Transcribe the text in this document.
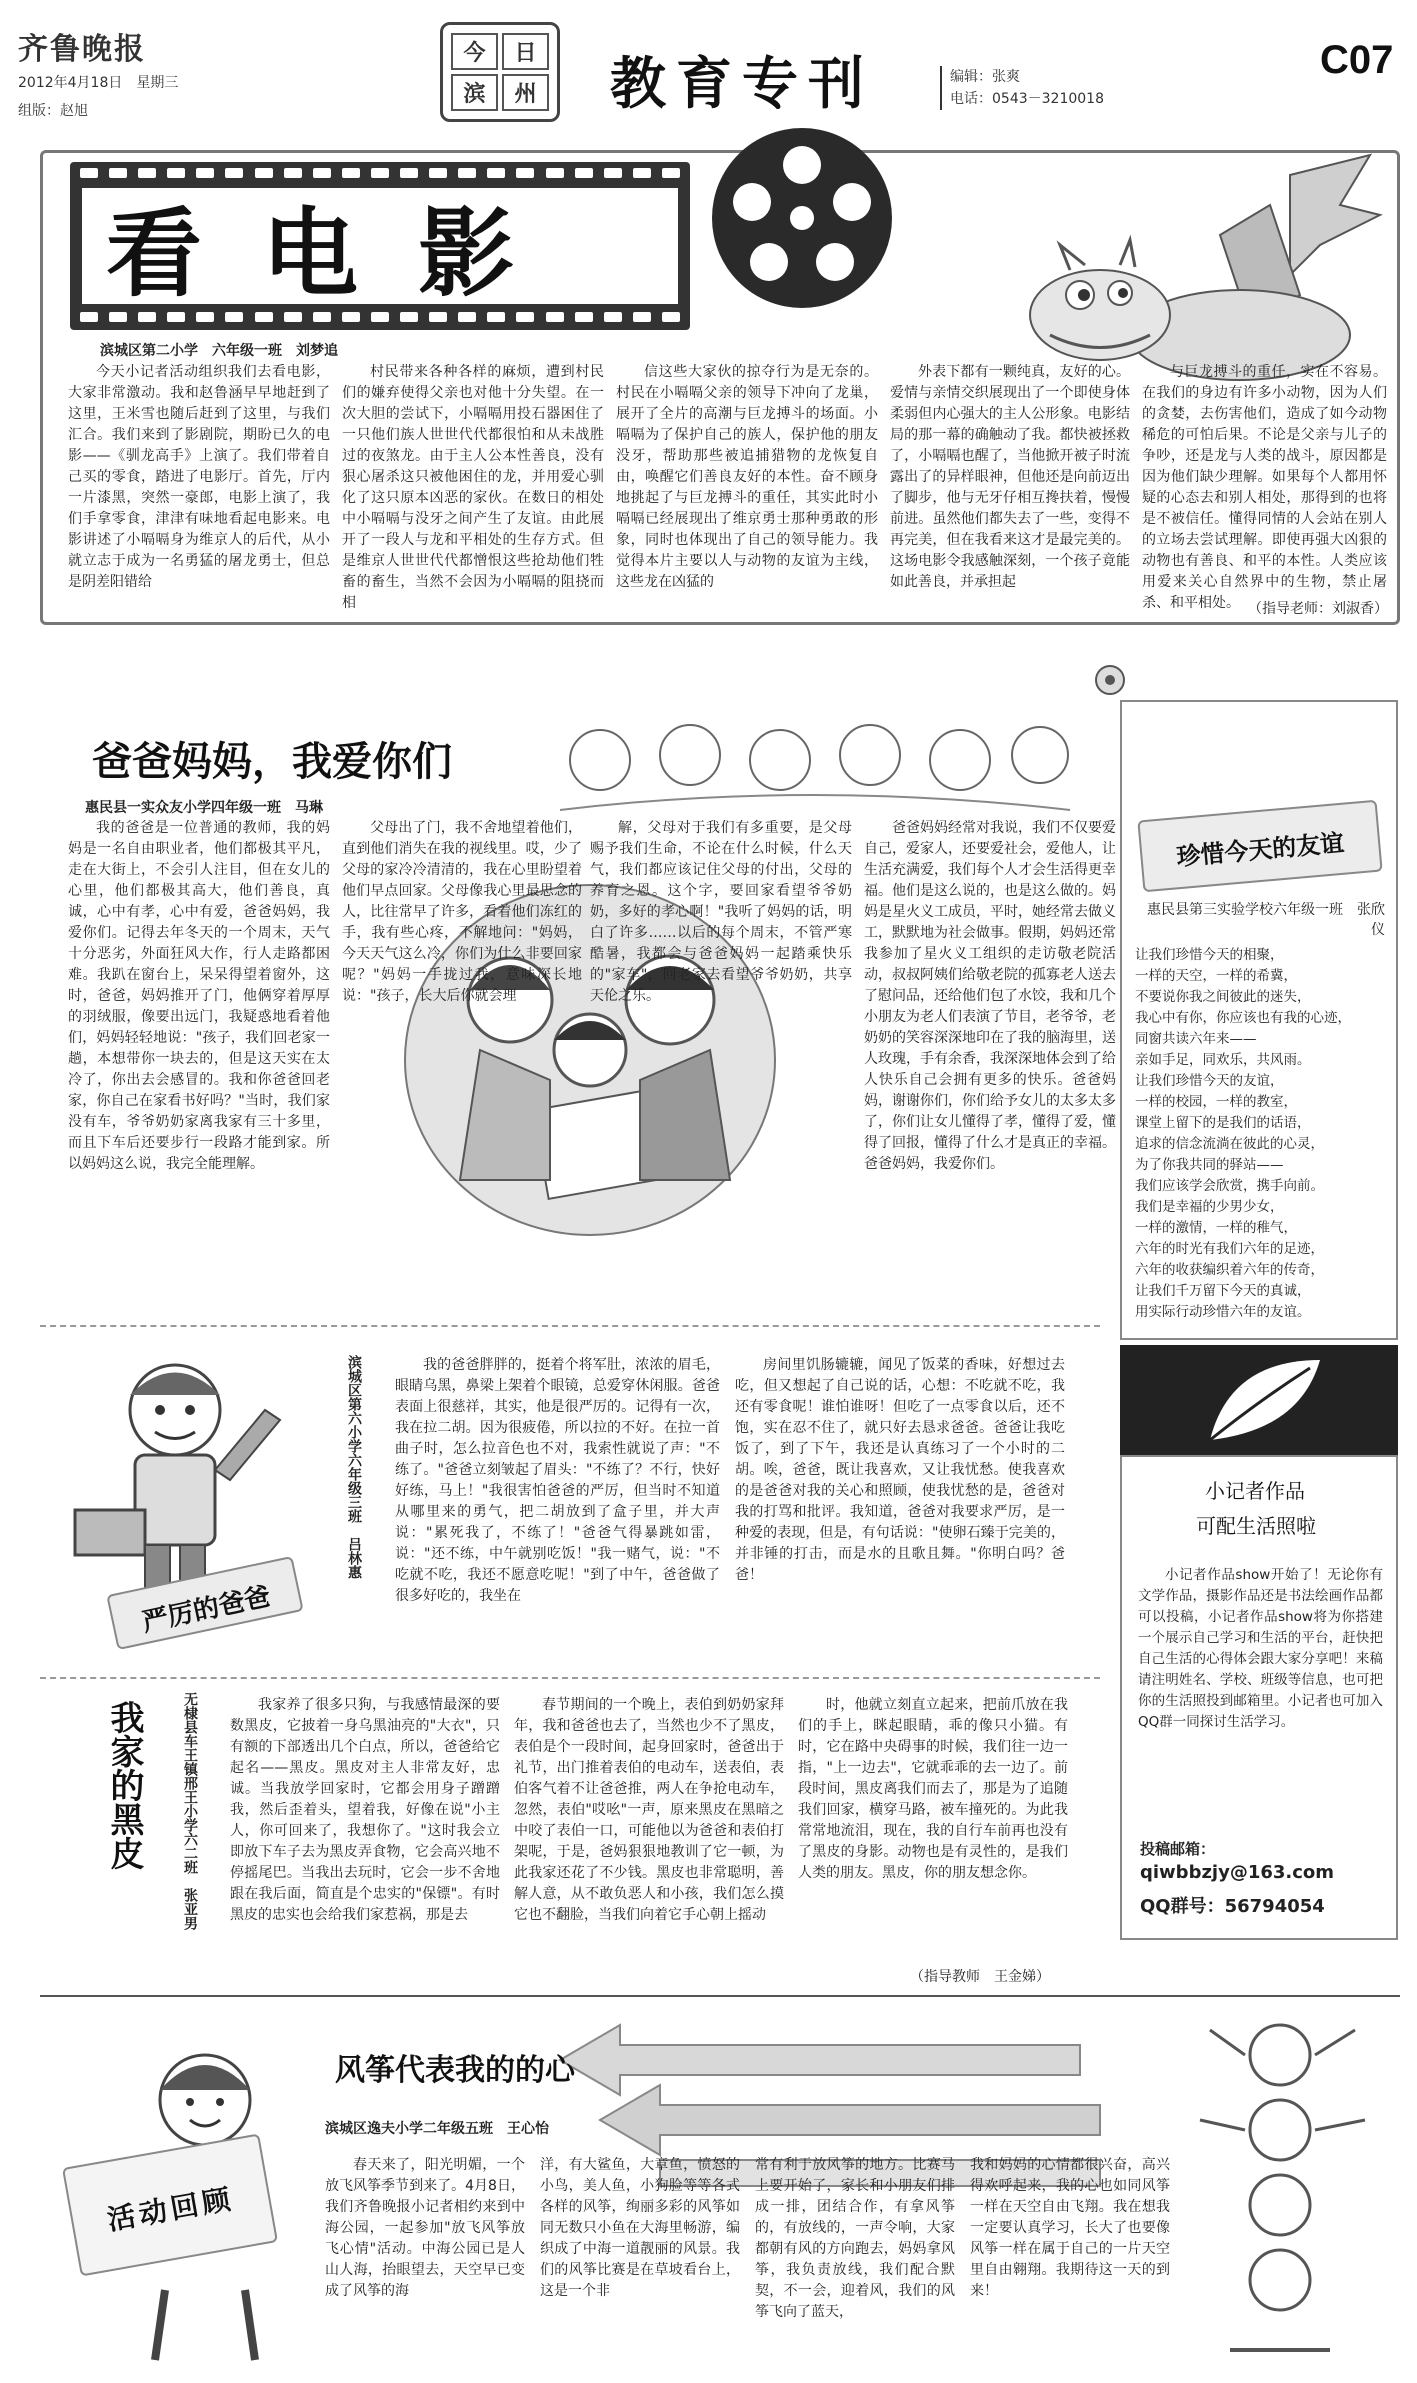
齐鲁晚报
2012年4月18日　星期三
组版：赵旭
今	日
滨	州 教育专刊	编辑：张爽
电话：0543－3210018
C07
看电影
滨城区第二小学　六年级一班　刘梦追

今天小记者活动组织我们去看电影，大家非常激动。我和赵鲁涵早早地赶到了这里，王米雪也随后赶到了这里，与我们汇合。我们来到了影剧院，期盼已久的电影——《驯龙高手》上演了。我们带着自己买的零食，踏进了电影厅。首先，厅内一片漆黑，突然一豪郎，电影上演了，我们手拿零食，津津有味地看起电影来。电影讲述了小嗝嗝身为维京人的后代，从小就立志于成为一名勇猛的屠龙勇士，但总是阴差阳错给

村民带来各种各样的麻烦，遭到村民们的嫌弃使得父亲也对他十分失望。在一次大胆的尝试下，小嗝嗝用投石器困住了一只他们族人世世代代都很怕和从未战胜过的夜煞龙。由于主人公本性善良，没有狠心屠杀这只被他困住的龙，并用爱心驯化了这只原本凶恶的家伙。在数日的相处中小嗝嗝与没牙之间产生了友谊。由此展开了一段人与龙和平相处的生存方式。但是维京人世世代代都憎恨这些抢劫他们牲畜的畜生，当然不会因为小嗝嗝的阻挠而相

信这些大家伙的掠夺行为是无奈的。村民在小嗝嗝父亲的领导下冲向了龙巢，展开了全片的高潮与巨龙搏斗的场面。小嗝嗝为了保护自己的族人，保护他的朋友没牙，帮助那些被追捕猎物的龙恢复自由，唤醒它们善良友好的本性。奋不顾身地挑起了与巨龙搏斗的重任，其实此时小嗝嗝已经展现出了维京勇士那种勇敢的形象，同时也体现出了自己的领导能力。我觉得本片主要以人与动物的友谊为主线，这些龙在凶猛的

外表下都有一颗纯真，友好的心。爱情与亲情交织展现出了一个即使身体柔弱但内心强大的主人公形象。电影结局的那一幕的确触动了我。都快被拯救了，小嗝嗝也醒了，当他掀开被子时流露出了的异样眼神，但他还是向前迈出了脚步，他与无牙仔相互搀扶着，慢慢前进。虽然他们都失去了一些，变得不再完美，但在我看来这才是最完美的。这场电影令我感触深刻，一个孩子竟能如此善良，并承担起

与巨龙搏斗的重任，实在不容易。在我们的身边有许多小动物，因为人们的贪婪，去伤害他们，造成了如今动物稀危的可怕后果。不论是父亲与儿子的争吵，还是龙与人类的战斗，原因都是因为他们缺少理解。如果每个人都用怀疑的心态去和别人相处，那得到的也将是不被信任。懂得同情的人会站在别人的立场去尝试理解。即使再强大凶狠的动物也有善良、和平的本性。人类应该用爱来关心自然界中的生物，禁止屠杀、和平相处。 （指导老师：刘淑香）
爸爸妈妈，我爱你们
惠民县一实众友小学四年级一班　马琳

我的爸爸是一位普通的教师，我的妈妈是一名自由职业者，他们都极其平凡，走在大街上，不会引人注目，但在女儿的心里，他们都极其高大，他们善良，真诚，心中有孝，心中有爱，爸爸妈妈，我爱你们。记得去年冬天的一个周末，天气十分恶劣，外面狂风大作，行人走路都困难。我趴在窗台上，呆呆得望着窗外，这时，爸爸，妈妈推开了门，他俩穿着厚厚的羽绒服，像要出远门，我疑惑地看着他们，妈妈轻轻地说："孩子，我们回老家一趟，本想带你一块去的，但是这天实在太冷了，你出去会感冒的。我和你爸爸回老家，你自己在家看书好吗？"当时，我们家没有车，爷爷奶奶家离我家有三十多里，而且下车后还要步行一段路才能到家。所以妈妈这么说，我完全能理解。

父母出了门，我不舍地望着他们，直到他们消失在我的视线里。哎，少了父母的家冷冷清清的，我在心里盼望着他们早点回家。父母像我心里最思念的人，比往常早了许多，看着他们冻红的手，我有些心疼，不解地问："妈妈，今天天气这么冷，你们为什么非要回家呢？"妈妈一手拢过我，意味深长地说："孩子，长大后你就会理

解，父母对于我们有多重要，是父母赐予我们生命，不论在什么时候，什么天气，我们都应该记住父母的付出，父母的养育之恩。这个字，要回家看望爷爷奶奶，多好的孝心啊！"我听了妈妈的话，明白了许多……以后的每个周末，不管严寒酷暑，我都会与爸爸妈妈一起踏乘快乐的"家车"，回老家去看望爷爷奶奶，共享天伦之乐。

爸爸妈妈经常对我说，我们不仅要爱自己，爱家人，还要爱社会，爱他人，让生活充满爱，我们每个人才会生活得更幸福。他们是这么说的，也是这么做的。妈妈是星火义工成员，平时，她经常去做义工，默默地为社会做事。假期，妈妈还常我参加了星火义工组织的走访敬老院活动，叔叔阿姨们给敬老院的孤寡老人送去了慰问品，还给他们包了水饺，我和几个小朋友为老人们表演了节目，老爷爷，老奶奶的笑容深深地印在了我的脑海里，送人玫瑰，手有余香，我深深地体会到了给人快乐自己会拥有更多的快乐。爸爸妈妈，谢谢你们，你们给予女儿的太多太多了，你们让女儿懂得了孝，懂得了爱，懂得了回报，懂得了什么才是真正的幸福。爸爸妈妈，我爱你们。

珍惜今天的友谊
惠民县第三实验学校六年级一班　张欣仪
让我们珍惜今天的相聚，
一样的天空，一样的希冀，
不要说你我之间彼此的迷失，
我心中有你，你应该也有我的心迹，
同窗共读六年来——
亲如手足，同欢乐，共风雨。
让我们珍惜今天的友谊，
一样的校园，一样的教室，
课堂上留下的是我们的话语，
追求的信念流淌在彼此的心灵，
为了你我共同的驿站——
我们应该学会欣赏，携手向前。
我们是幸福的少男少女，
一样的激情，一样的稚气，
六年的时光有我们六年的足迹，
六年的收获编织着六年的传奇，
让我们千万留下今天的真诚，
用实际行动珍惜六年的友谊。
严厉的爸爸
滨城区第六小学六年级三班　吕林惠	我的爸爸胖胖的，挺着个将军肚，浓浓的眉毛，眼睛乌黑，鼻梁上架着个眼镜，总爱穿休闲服。爸爸表面上很慈祥，其实，他是很严厉的。记得有一次，我在拉二胡。因为很疲倦，所以拉的不好。在拉一首曲子时，怎么拉音色也不对，我索性就说了声："不练了。"爸爸立刻皱起了眉头："不练了？不行，快好好练，马上！"我很害怕爸爸的严厉，但当时不知道从哪里来的勇气，把二胡放到了盒子里，并大声说："累死我了，不练了！"爸爸气得暴跳如雷，说："还不练，中午就别吃饭！"我一赌气，说："不吃就不吃，我还不愿意吃呢！"到了中午，爸爸做了很多好吃的，我坐在

房间里饥肠辘辘，闻见了饭菜的香味，好想过去吃，但又想起了自己说的话，心想：不吃就不吃，我还有零食呢！谁怕谁呀！但吃了一点零食以后，还不饱，实在忍不住了，就只好去恳求爸爸。爸爸让我吃饭了，到了下午，我还是认真练习了一个小时的二胡。唉，爸爸，既让我喜欢，又让我忧愁。使我喜欢的是爸爸对我的关心和照顾，使我忧愁的是，爸爸对我的打骂和批评。我知道，爸爸对我要求严厉，是一种爱的表现，但是，有句话说："使卵石臻于完美的，并非锤的打击，而是水的且歌且舞。"你明白吗？爸爸！

小记者作品
可配生活照啦

小记者作品show开始了！无论你有文学作品，摄影作品还是书法绘画作品都可以投稿，小记者作品show将为你搭建一个展示自己学习和生活的平台，赶快把自己生活的心得体会跟大家分享吧！来稿请注明姓名、学校、班级等信息，也可把你的生活照投到邮箱里。小记者也可加入QQ群一同探讨生活学习。

投稿邮箱：
qiwbbzjy@163.com
QQ群号：56794054
我家的黑皮	无棣县车王镇邢王小学六二班　张亚男	我家养了很多只狗，与我感情最深的要数黑皮，它披着一身乌黑油亮的"大衣"，只有额的下部透出几个白点，所以，爸爸给它起名——黑皮。黑皮对主人非常友好，忠诚。当我放学回家时，它都会用身子蹭蹭我，然后歪着头，望着我，好像在说"小主人，你可回来了，我想你了。"这时我会立即放下车子去为黑皮弄食物，它会高兴地不停摇尾巴。当我出去玩时，它会一步不舍地跟在我后面，简直是个忠实的"保镖"。有时黑皮的忠实也会给我们家惹祸，那是去

春节期间的一个晚上，表伯到奶奶家拜年，我和爸爸也去了，当然也少不了黑皮，表伯是个一段时间，起身回家时，爸爸出于礼节，出门推着表伯的电动车，送表伯，表伯客气着不让爸爸推，两人在争抢电动车，忽然，表伯"哎吆"一声，原来黑皮在黑暗之中咬了表伯一口，可能他以为爸爸和表伯打架呢，于是，爸妈狠狠地教训了它一顿，为此我家还花了不少钱。黑皮也非常聪明，善解人意，从不敢负恶人和小孩，我们怎么摸它也不翻脸，当我们向着它手心朝上摇动

时，他就立刻直立起来，把前爪放在我们的手上，眯起眼睛，乖的像只小猫。有时，它在路中央碍事的时候，我们往一边一指，"上一边去"，它就乖乖的去一边了。前段时间，黑皮离我们而去了，那是为了追随我们回家，横穿马路，被车撞死的。为此我常常地流泪，现在，我的自行车前再也没有了黑皮的身影。动物也是有灵性的，是我们人类的朋友。黑皮，你的朋友想念你。

（指导教师　王金娣）
风筝代表我的的心
滨城区逸夫小学二年级五班　王心怡
活动回顾

春天来了，阳光明媚，一个放飞风筝季节到来了。4月8日，我们齐鲁晚报小记者相约来到中海公园，一起参加"放飞风筝放飞心情"活动。中海公园已是人山人海，抬眼望去，天空早已变成了风筝的海

洋，有大鲨鱼，大章鱼，愤怒的小鸟，美人鱼，小狗脸等等各式各样的风筝，绚丽多彩的风筝如同无数只小鱼在大海里畅游，编织成了中海一道靓丽的风景。我们的风筝比赛是在草坡看台上，这是一个非
常有利于放风筝的地方。比赛马上要开始了，家长和小朋友们排成一排，团结合作，有拿风筝的，有放线的，一声令响，大家都朝有风的方向跑去，妈妈拿风筝，我负责放线，我们配合默契，不一会，迎着风，我们的风筝飞向了蓝天，
我和妈妈的心情都很兴奋，高兴得欢呼起来，我的心也如同风筝一样在天空自由飞翔。我在想我一定要认真学习，长大了也要像风筝一样在属于自己的一片天空里自由翱翔。我期待这一天的到来！
